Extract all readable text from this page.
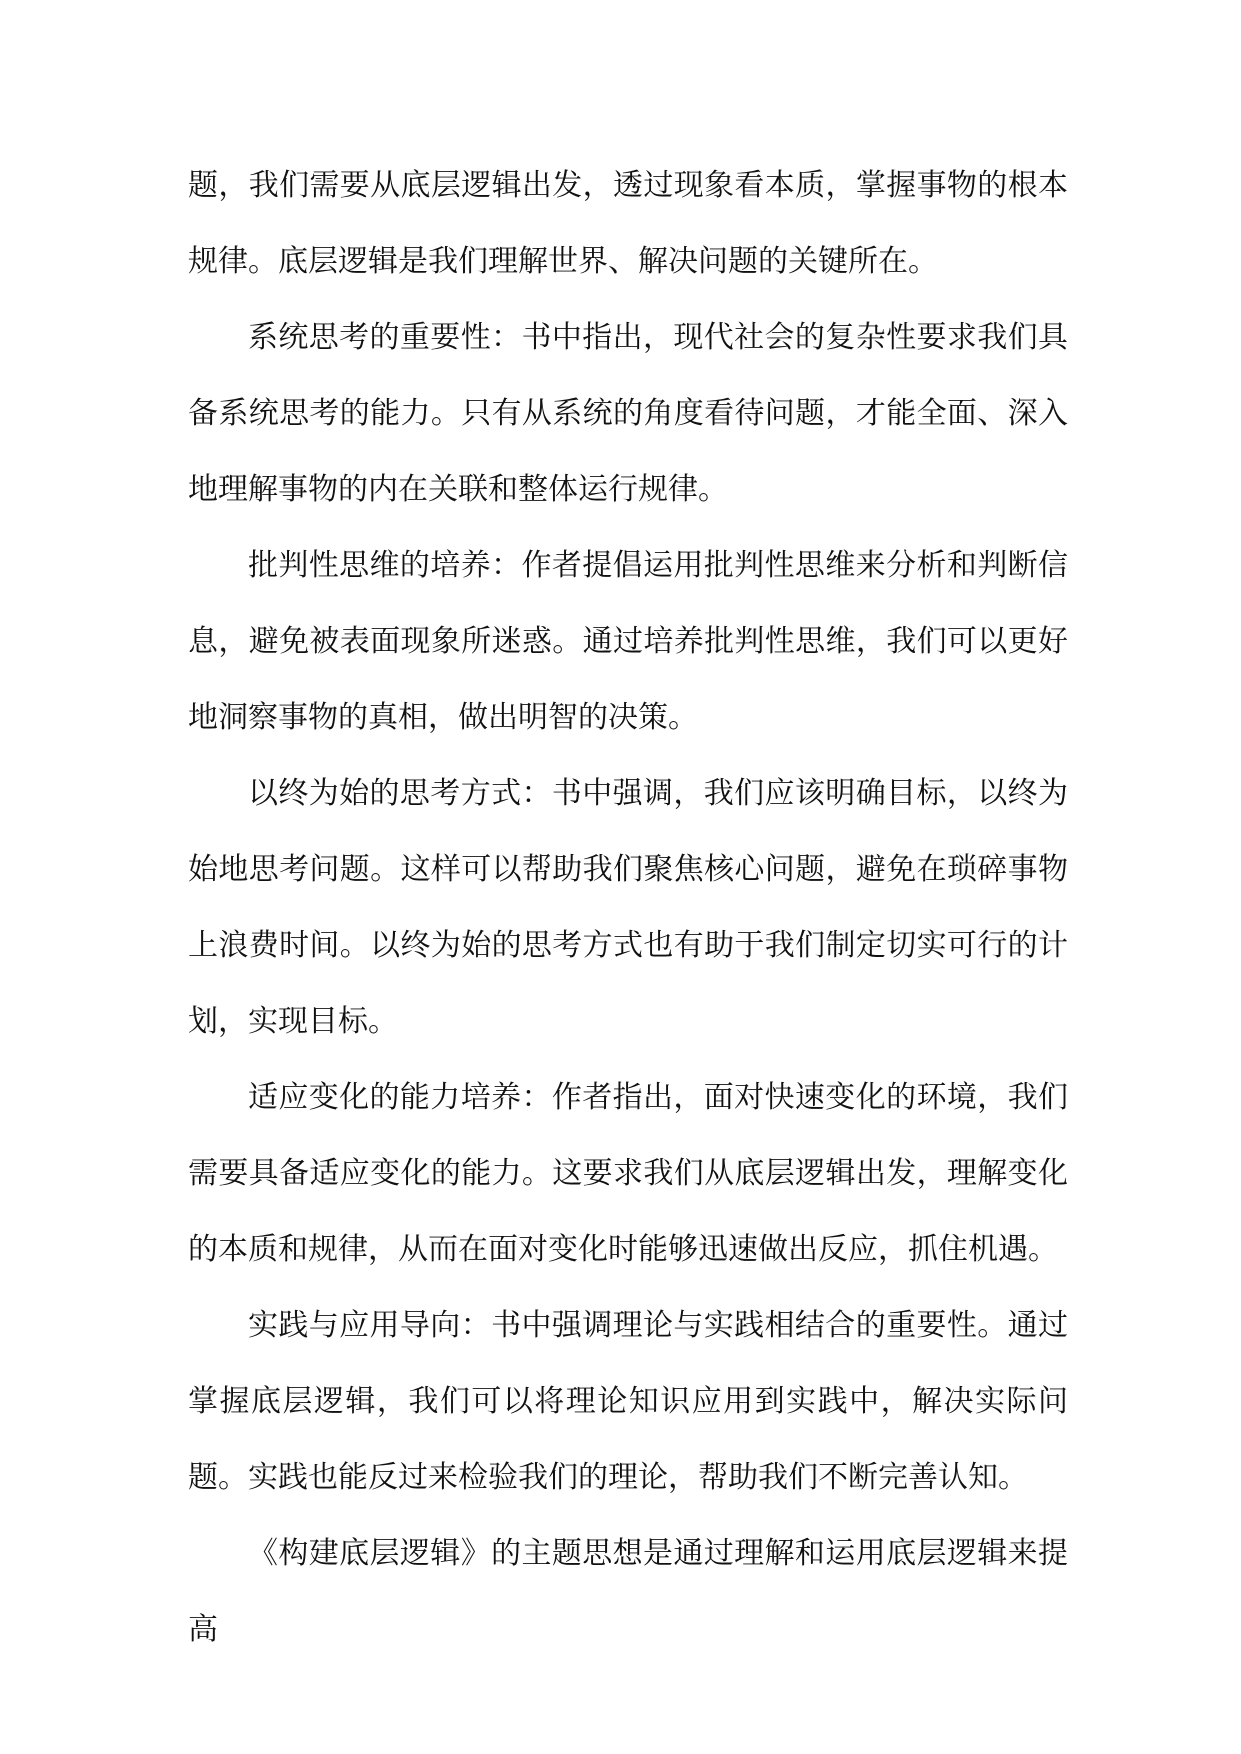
题，我们需要从底层逻辑出发，透过现象看本质，掌握事物的根本规律。底层逻辑是我们理解世界、解决问题的关键所在。

系统思考的重要性：书中指出，现代社会的复杂性要求我们具备系统思考的能力。只有从系统的角度看待问题，才能全面、深入地理解事物的内在关联和整体运行规律。

批判性思维的培养：作者提倡运用批判性思维来分析和判断信息，避免被表面现象所迷惑。通过培养批判性思维，我们可以更好地洞察事物的真相，做出明智的决策。

以终为始的思考方式：书中强调，我们应该明确目标，以终为始地思考问题。这样可以帮助我们聚焦核心问题，避免在琐碎事物上浪费时间。以终为始的思考方式也有助于我们制定切实可行的计划，实现目标。

适应变化的能力培养：作者指出，面对快速变化的环境，我们需要具备适应变化的能力。这要求我们从底层逻辑出发，理解变化的本质和规律，从而在面对变化时能够迅速做出反应，抓住机遇。

实践与应用导向：书中强调理论与实践相结合的重要性。通过掌握底层逻辑，我们可以将理论知识应用到实践中，解决实际问题。实践也能反过来检验我们的理论，帮助我们不断完善认知。

《构建底层逻辑》的主题思想是通过理解和运用底层逻辑来提高
